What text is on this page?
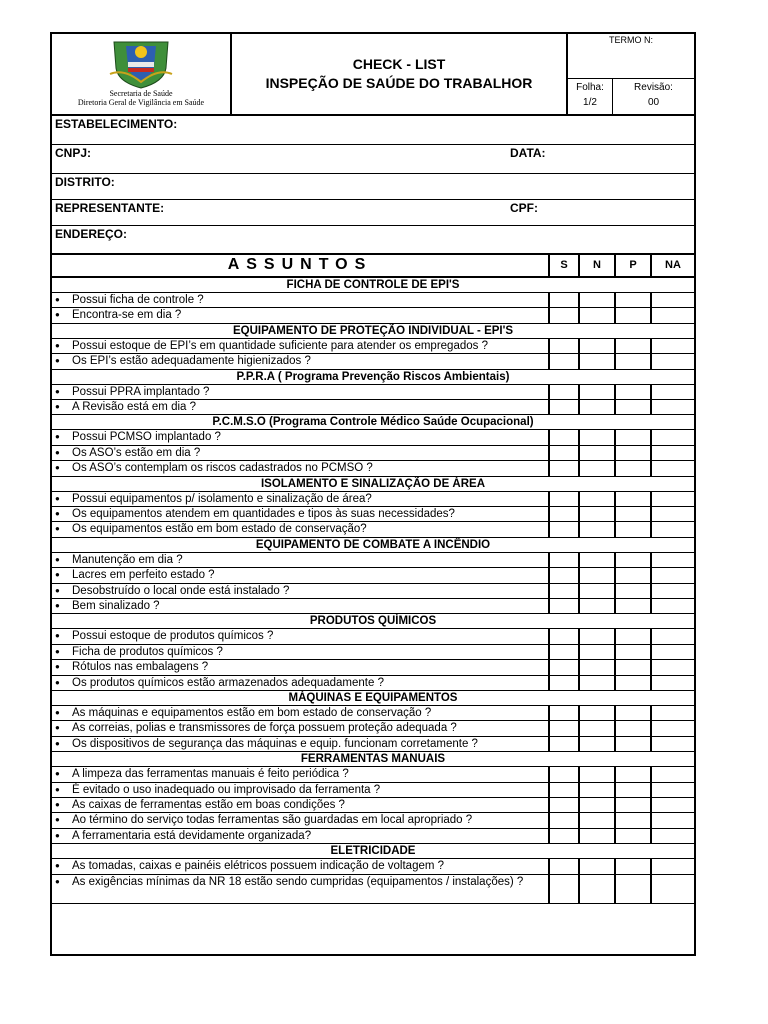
Secretaria de Saúde
Diretoria Geral de Vigilância em Saúde
CHECK - LIST
INSPEÇÃO DE SAÚDE DO TRABALHOR
TERMO N:
Folha:
1/2
Revisão:
00
ESTABELECIMENTO:
CNPJ:	DATA:
DISTRITO:
REPRESENTANTE:	CPF:
ENDEREÇO:
ASSUNTOS	S	N	P	NA
FICHA DE CONTROLE DE EPI'S
● Possui ficha de controle ?
● Encontra-se em dia ?
EQUIPAMENTO DE PROTEÇÃO INDIVIDUAL - EPI'S
● Possui estoque de EPI’s em quantidade suficiente para atender os empregados ?
● Os EPI’s estão adequadamente higienizados ?
P.P.R.A ( Programa Prevenção Riscos Ambientais)
● Possui PPRA implantado ?
● A Revisão está em dia ?
P.C.M.S.O (Programa Controle Médico Saúde Ocupacional)
● Possui PCMSO implantado ?
● Os ASO’s estão em dia ?
● Os ASO’s contemplam os riscos cadastrados no PCMSO ?
ISOLAMENTO E SINALIZAÇÃO DE ÁREA
● Possui equipamentos p/ isolamento e sinalização de área?
● Os equipamentos atendem em quantidades e tipos às suas necessidades?
● Os equipamentos estão em bom estado de conservação?
EQUIPAMENTO DE COMBATE A INCÊNDIO
● Manutenção em dia ?
● Lacres em perfeito estado ?
● Desobstruído o local onde está instalado ?
● Bem sinalizado ?
PRODUTOS QUÍMICOS
● Possui estoque de produtos químicos ?
● Ficha de produtos químicos ?
● Rótulos nas embalagens ?
● Os produtos químicos estão armazenados adequadamente ?
MÁQUINAS E EQUIPAMENTOS
● As máquinas e equipamentos estão em bom estado de conservação ?
● As correias, polias e transmissores de força possuem proteção adequada ?
● Os dispositivos de segurança das máquinas e equip. funcionam corretamente ?
FERRAMENTAS MANUAIS
● A limpeza das ferramentas manuais é feito periódica ?
● É evitado o uso inadequado ou improvisado da ferramenta ?
● As caixas de ferramentas estão em boas condições ?
● Ao término do serviço todas ferramentas são guardadas em local apropriado ?
● A ferramentaria está devidamente organizada?
ELETRICIDADE
● As tomadas, caixas e painéis elétricos possuem indicação de voltagem ?
● As exigências mínimas da NR 18 estão sendo cumpridas (equipamentos / instalações) ?
